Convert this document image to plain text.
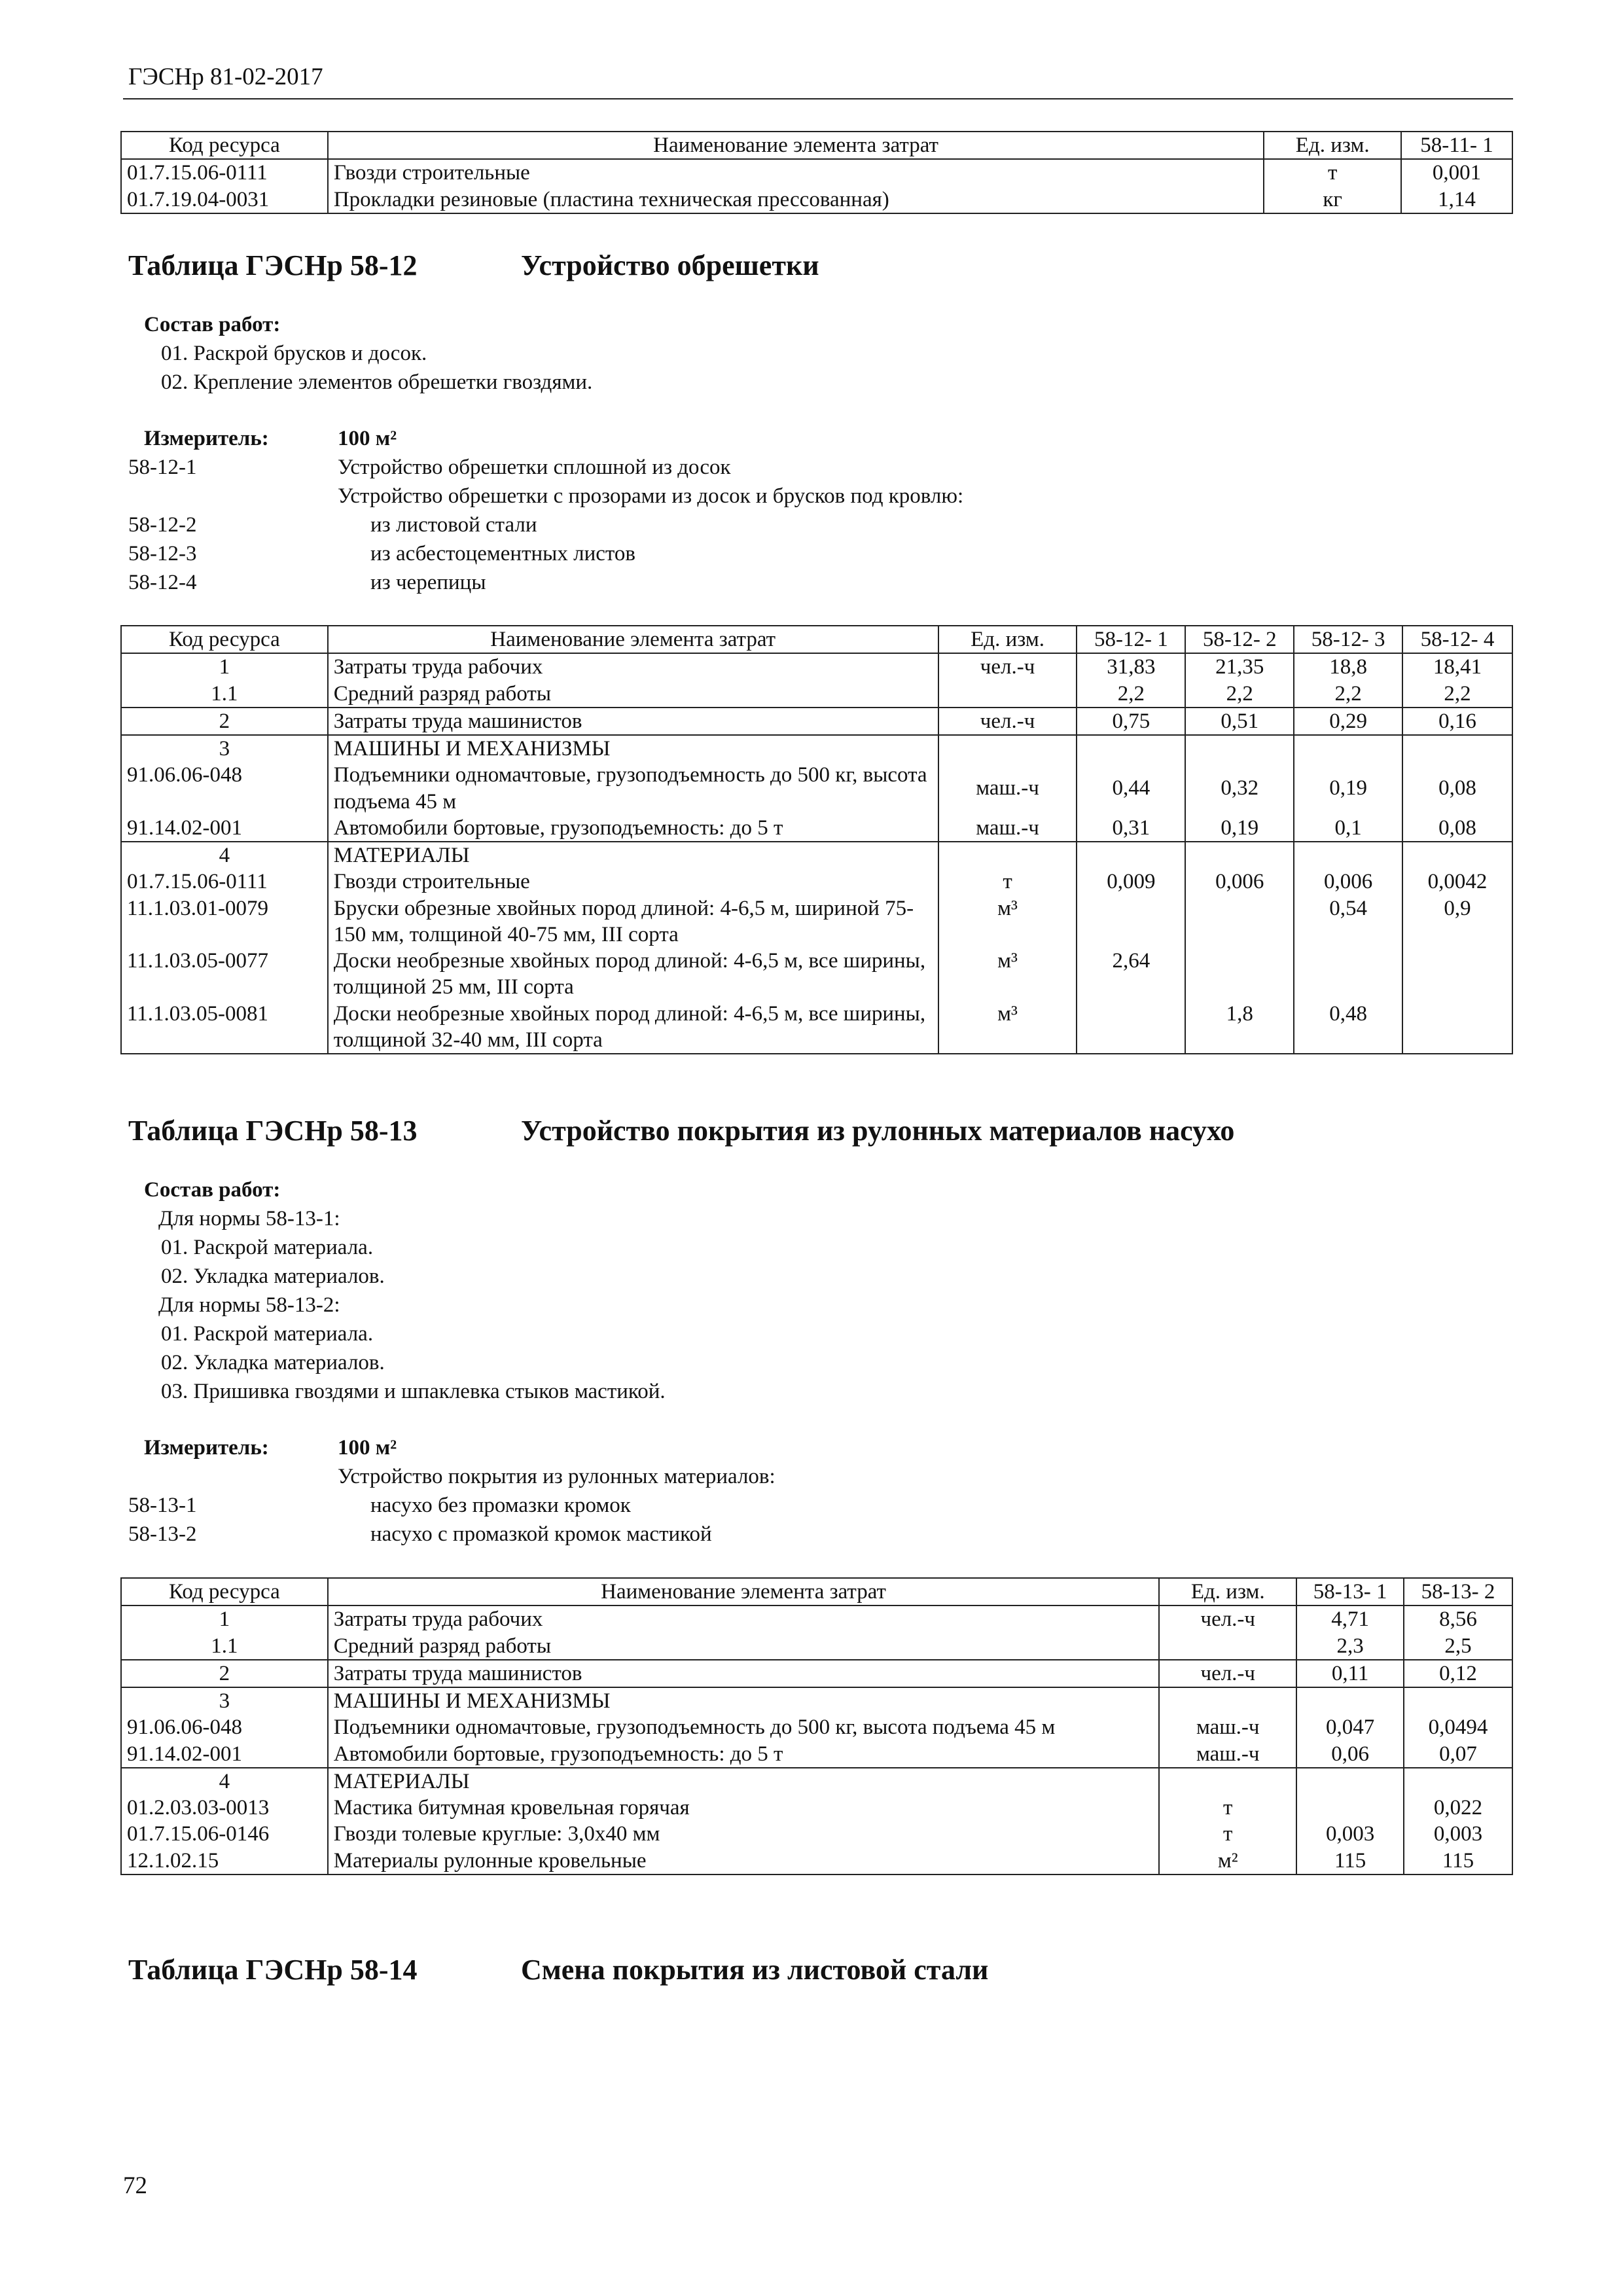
ГЭСНр 81-02-2017
Код ресурса	Наименование элемента затрат	Ед. изм.	58-11- 1
01.7.15.06-0111	Гвозди строительные	т	0,001
01.7.19.04-0031	Прокладки резиновые (пластина техническая прессованная)	кг	1,14
Таблица ГЭСНр 58-12	Устройство обрешетки
Состав работ:
01. Раскрой брусков и досок.
02. Крепление элементов обрешетки гвоздями.
Измеритель:	100 м²
58-12-1	Устройство обрешетки сплошной из досок
Устройство обрешетки с прозорами из досок и брусков под кровлю:
58-12-2	из листовой стали
58-12-3	из асбестоцементных листов
58-12-4	из черепицы
Код ресурса	Наименование элемента затрат	Ед. изм.	58-12- 1	58-12- 2	58-12- 3	58-12- 4
1	Затраты труда рабочих	чел.-ч	31,83	21,35	18,8	18,41
1.1	Средний разряд работы		2,2	2,2	2,2	2,2
2	Затраты труда машинистов	чел.-ч	0,75	0,51	0,29	0,16
3	МАШИНЫ И МЕХАНИЗМЫ					
91.06.06-048	Подъемники одномачтовые, грузоподъемность до 500 кг, высота подъема 45 м	маш.-ч	0,44	0,32	0,19	0,08
91.14.02-001	Автомобили бортовые, грузоподъемность: до 5 т	маш.-ч	0,31	0,19	0,1	0,08
4	МАТЕРИАЛЫ					
01.7.15.06-0111	Гвозди строительные	т	0,009	0,006	0,006	0,0042
11.1.03.01-0079	Бруски обрезные хвойных пород длиной: 4-6,5 м, шириной 75-150 мм, толщиной 40-75 мм, III сорта	м³			0,54	0,9
11.1.03.05-0077	Доски необрезные хвойных пород длиной: 4-6,5 м, все ширины, толщиной 25 мм, III сорта	м³	2,64			
11.1.03.05-0081	Доски необрезные хвойных пород длиной: 4-6,5 м, все ширины, толщиной 32-40 мм, III сорта	м³		1,8	0,48	
Таблица ГЭСНр 58-13	Устройство покрытия из рулонных материалов насухо
Состав работ:
Для нормы 58-13-1:
01. Раскрой материала.
02. Укладка материалов.
Для нормы 58-13-2:
01. Раскрой материала.
02. Укладка материалов.
03. Пришивка гвоздями и шпаклевка стыков мастикой.
Измеритель:	100 м²
Устройство покрытия из рулонных материалов:
58-13-1	насухо без промазки кромок
58-13-2	насухо с промазкой кромок мастикой
Код ресурса	Наименование элемента затрат	Ед. изм.	58-13- 1	58-13- 2
1	Затраты труда рабочих	чел.-ч	4,71	8,56
1.1	Средний разряд работы		2,3	2,5
2	Затраты труда машинистов	чел.-ч	0,11	0,12
3	МАШИНЫ И МЕХАНИЗМЫ			
91.06.06-048	Подъемники одномачтовые, грузоподъемность до 500 кг, высота подъема 45 м	маш.-ч	0,047	0,0494
91.14.02-001	Автомобили бортовые, грузоподъемность: до 5 т	маш.-ч	0,06	0,07
4	МАТЕРИАЛЫ			
01.2.03.03-0013	Мастика битумная кровельная горячая	т		0,022
01.7.15.06-0146	Гвозди толевые круглые: 3,0х40 мм	т	0,003	0,003
12.1.02.15	Материалы рулонные кровельные	м²	115	115
Таблица ГЭСНр 58-14	Смена покрытия из листовой стали
72
